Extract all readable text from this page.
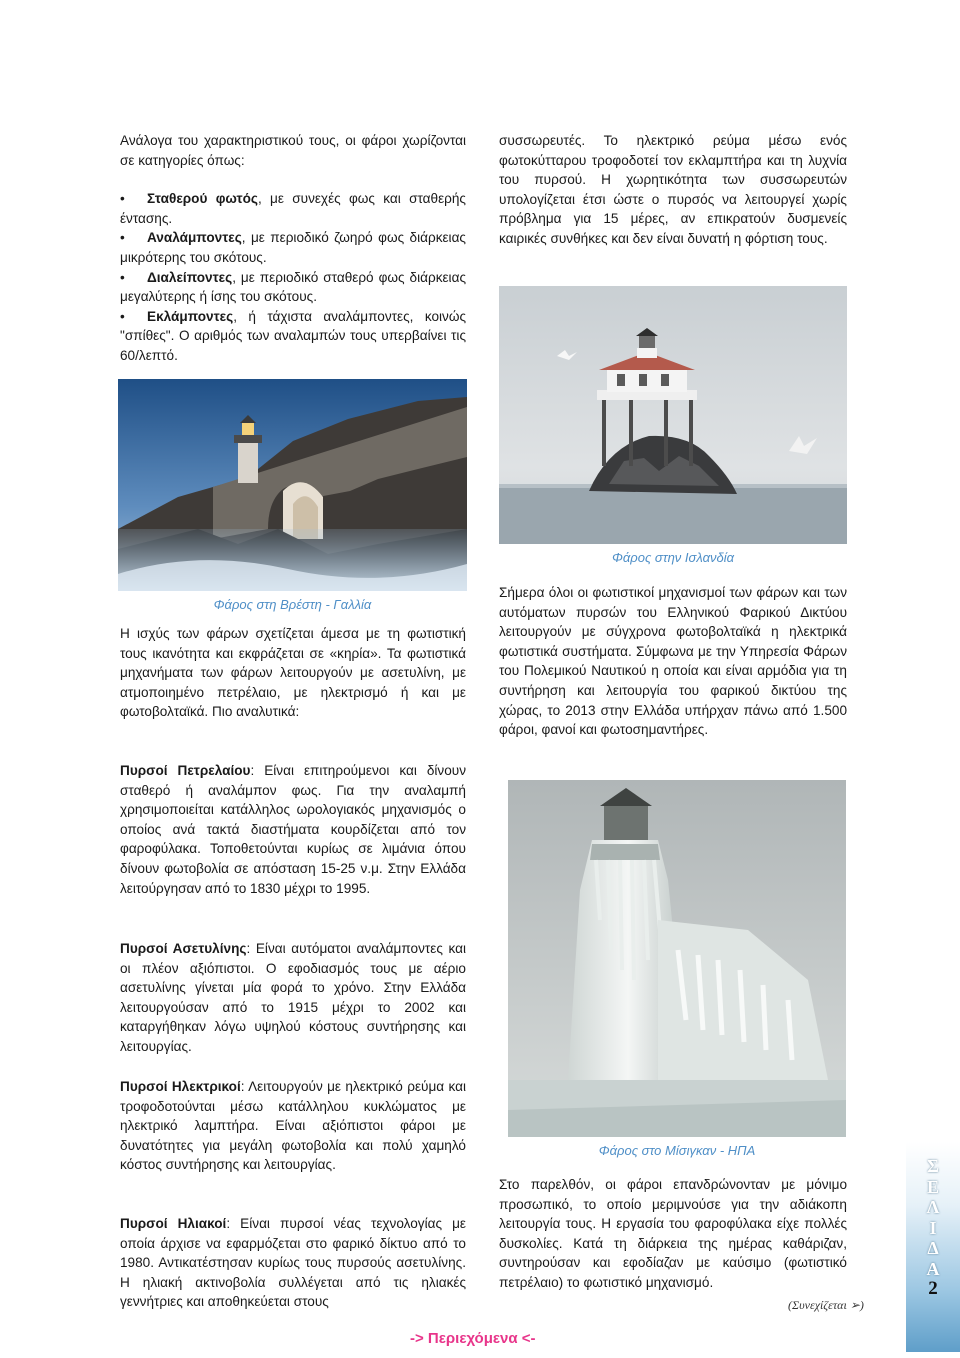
Ανάλογα του χαρακτηριστικού τους, οι φάροι χωρίζονται σε κατηγορίες όπως:

•	Σταθερού φωτός, με συνεχές φως και σταθερής έντασης.
•	Αναλάμποντες, με περιοδικό ζωηρό φως διάρκειας μικρότερης του σκότους.
•	Διαλείποντες, με περιοδικό σταθερό φως διάρκειας μεγαλύτερης ή ίσης του σκότους.
•	Εκλάμποντες, ή τάχιστα αναλάμποντες, κοινώς "σπίθες". Ο αριθμός των αναλαμπών τους υπερβαίνει τις 60/λεπτό.
Φάρος στη Βρέστη - Γαλλία

Η ισχύς των φάρων σχετίζεται άμεσα με τη φωτιστική τους ικανότητα και εκφράζεται σε «κηρία». Τα φωτιστικά μηχανήματα των φάρων λειτουργούν με ασετυλίνη, με ατμοποιημένο πετρέλαιο, με ηλεκτρισμό ή και με φωτοβολταϊκά. Πιο αναλυτικά:

Πυρσοί Πετρελαίου: Είναι επιτηρούμενοι και δίνουν σταθερό ή αναλάμπον φως. Για την αναλαμπή χρησιμοποιείται κατάλληλος ωρολογιακός μηχανισμός ο οποίος ανά τακτά διαστήματα κουρδίζεται από τον φαροφύλακα. Τοποθετούνται κυρίως σε λιμάνια όπου δίνουν φωτοβολία σε απόσταση 15-25 ν.μ. Στην Ελλάδα λειτούργησαν από το 1830 μέχρι το 1995.

Πυρσοί Ασετυλίνης: Είναι αυτόματοι αναλάμποντες και οι πλέον αξιόπιστοι. Ο εφοδιασμός τους με αέριο ασετυλίνης γίνεται μία φορά το χρόνο. Στην Ελλάδα λειτουργούσαν από το 1915 μέχρι το 2002 και καταργήθηκαν λόγω υψηλού κόστους συντήρησης και λειτουργίας.

Πυρσοί Ηλεκτρικοί: Λειτουργούν με ηλεκτρικό ρεύμα και τροφοδοτούνται μέσω κατάλληλου κυκλώματος με ηλεκτρικό λαμπτήρα. Είναι αξιόπιστοι φάροι με δυνατότητες για μεγάλη φωτοβολία και πολύ χαμηλό κόστος συντήρησης και λειτουργίας.

Πυρσοί Ηλιακοί: Είναι πυρσοί νέας τεχνολογίας με οποία άρχισε να εφαρμόζεται στο φαρικό δίκτυο από το 1980. Αντικατέστησαν κυρίως τους πυρσούς ασετυλίνης. Η ηλιακή ακτινοβολία συλλέγεται από τις ηλιακές γεννήτριες και αποθηκεύεται στους

συσσωρευτές. Το ηλεκτρικό ρεύμα μέσω ενός φωτοκύτταρου τροφοδοτεί τον εκλαμπτήρα και τη λυχνία του πυρσού. Η χωρητικότητα των συσσωρευτών υπολογίζεται έτσι ώστε ο πυρσός να λειτουργεί χωρίς πρόβλημα για 15 μέρες, αν επικρατούν δυσμενείς καιρικές συνθήκες και δεν είναι δυνατή η φόρτιση τους.

Φάρος στην Ισλανδία

Σήμερα όλοι οι φωτιστικοί μηχανισμοί των φάρων και των αυτόματων πυρσών του Ελληνικού Φαρικού Δικτύου λειτουργούν με σύγχρονα φωτοβολταϊκά η ηλεκτρικά φωτιστικά συστήματα. Σύμφωνα με την Υπηρεσία Φάρων του Πολεμικού Ναυτικού η οποία και είναι αρμόδια για τη συντήρηση και λειτουργία του φαρικού δικτύου της χώρας, το 2013 στην Ελλάδα υπήρχαν πάνω από 1.500 φάροι, φανοί και φωτοσημαντήρες.

Φάρος στο Μίσιγκαν - ΗΠΑ

Στο παρελθόν, οι φάροι επανδρώνονταν με μόνιμο προσωπικό, το οποίο μεριμνούσε για την αδιάκοπη λειτουργία τους. Η εργασία του φαροφύλακα είχε πολλές δυσκολίες. Κατά τη διάρκεια της ημέρας καθάριζαν, συντηρούσαν και εφοδίαζαν με καύσιμο (φωτιστικό πετρέλαιο) το φωτιστικό μηχανισμό.

(Συνεχίζεται ➢)
-> Περιεχόμενα <-
Σ
Ε
Λ
Ι
Δ
Α
2
